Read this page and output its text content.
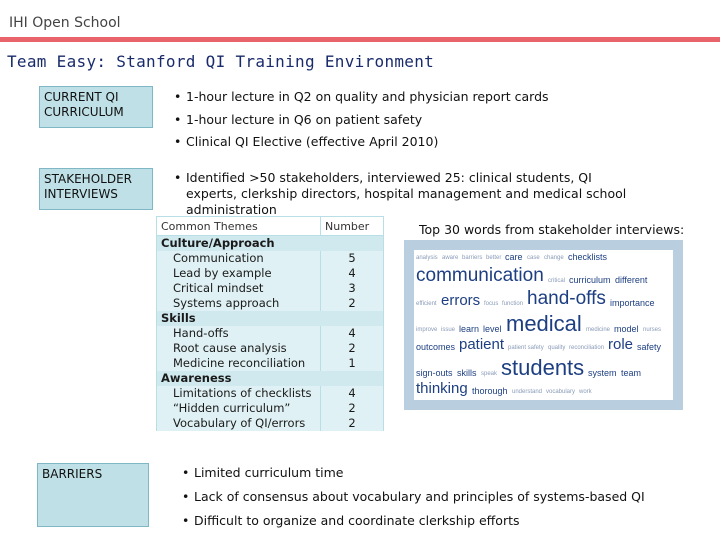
IHI Open School
Team Easy: Stanford QI Training Environment
CURRENT QI CURRICULUM
• 1-hour lecture in Q2 on quality and physician report cards
• 1-hour lecture in Q6 on patient safety
• Clinical QI Elective (effective April 2010)
STAKEHOLDER INTERVIEWS
• Identified >50 stakeholders, interviewed 25: clinical students, QI experts, clerkship directors, hospital management and medical school administration
Common Themes	Number
Culture/Approach	
Communication	5
Lead by example	4
Critical mindset	3
Systems approach	2
Skills	
Hand-offs	4
Root cause analysis	2
Medicine reconciliation	1
Awareness	
Limitations of checklists	4
“Hidden curriculum”	2
Vocabulary of QI/errors	2
Top 30 words from stakeholder interviews:
analysis aware barriers better care case change checklists
communication critical curriculum different
efficient errors focus function hand-offs importance
improve issue learn level medical medicine model nurses
outcomes patient patient safety quality reconciliation role safety
sign-outs skills speak students system team
thinking thorough understand vocabulary work
BARRIERS	• Limited curriculum time
• Lack of consensus about vocabulary and principles of systems-based QI
• Difficult to organize and coordinate clerkship efforts
